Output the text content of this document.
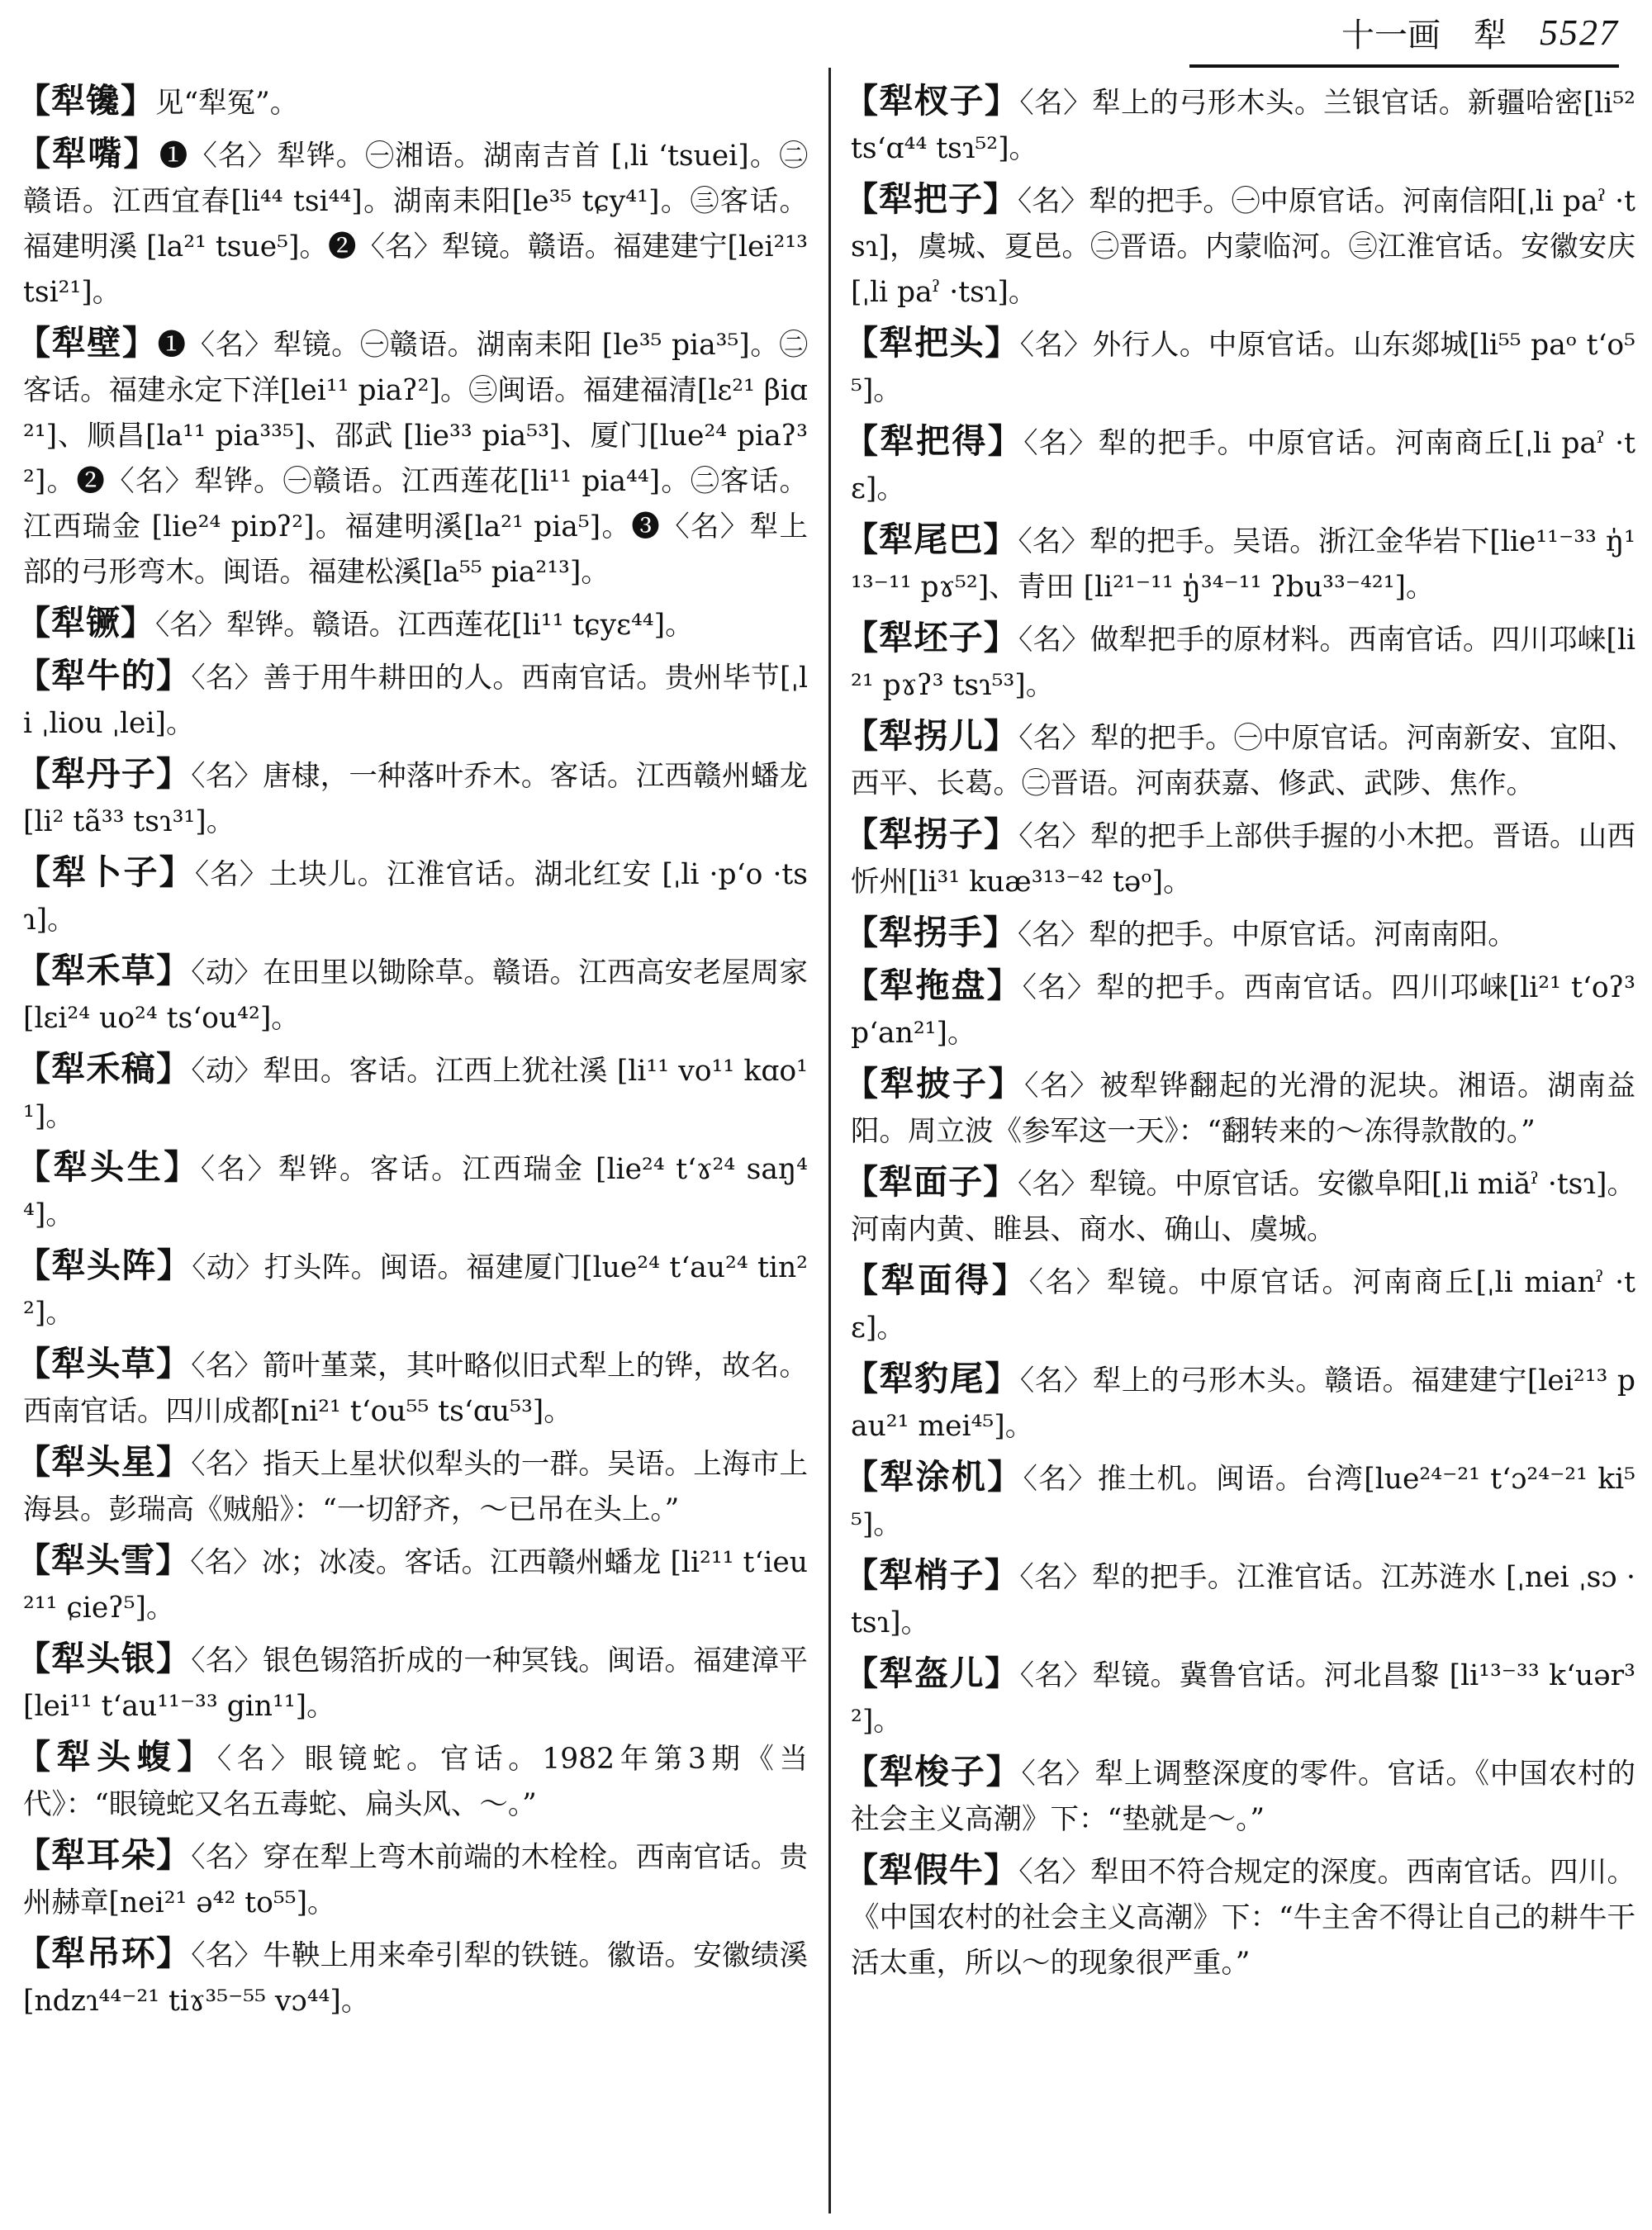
十一画 犁 5527
【犁镵】见“犁冤”。
【犁嘴】❶〈名〉犁铧。㊀湘语。湖南吉首 [ˌli ʻtsuei]。㊁赣语。江西宜春[li⁴⁴ tsi⁴⁴]。湖南耒阳[le³⁵ tɕy⁴¹]。㊂客话。福建明溪 [la²¹ tsue⁵]。❷〈名〉犁镜。赣语。福建建宁[lei²¹³ tsi²¹]。
【犁壁】❶〈名〉犁镜。㊀赣语。湖南耒阳 [le³⁵ pia³⁵]。㊁客话。福建永定下洋[lei¹¹ piaʔ²]。㊂闽语。福建福清[lɛ²¹ βiɑ²¹]、顺昌[la¹¹ pia³³⁵]、邵武 [lie³³ pia⁵³]、厦门[lue²⁴ piaʔ³²]。❷〈名〉犁铧。㊀赣语。江西莲花[li¹¹ pia⁴⁴]。㊁客话。江西瑞金 [lie²⁴ piɒʔ²]。福建明溪[la²¹ pia⁵]。❸〈名〉犁上部的弓形弯木。闽语。福建松溪[la⁵⁵ pia²¹³]。
【犁镢】〈名〉犁铧。赣语。江西莲花[li¹¹ tɕyɛ⁴⁴]。
【犁牛的】〈名〉善于用牛耕田的人。西南官话。贵州毕节[ˌli ˌliou ˌlei]。
【犁丹子】〈名〉唐棣，一种落叶乔木。客话。江西赣州蟠龙[li² tã³³ tsɿ³¹]。
【犁卜子】〈名〉土块儿。江淮官话。湖北红安 [ˌli ·pʻo ·tsɿ]。
【犁禾草】〈动〉在田里以锄除草。赣语。江西高安老屋周家[lɛi²⁴ uo²⁴ tsʻou⁴²]。
【犁禾稿】〈动〉犁田。客话。江西上犹社溪 [li¹¹ vo¹¹ kɑo¹¹]。
【犁头生】〈名〉犁铧。客话。江西瑞金 [lie²⁴ tʻɤ²⁴ saŋ⁴⁴]。
【犁头阵】〈动〉打头阵。闽语。福建厦门[lue²⁴ tʻau²⁴ tin²²]。
【犁头草】〈名〉箭叶堇菜，其叶略似旧式犁上的铧，故名。西南官话。四川成都[ni²¹ tʻou⁵⁵ tsʻɑu⁵³]。
【犁头星】〈名〉指天上星状似犁头的一群。吴语。上海市上海县。彭瑞高《贼船》：“一切舒齐，～已吊在头上。”
【犁头雪】〈名〉冰；冰凌。客话。江西赣州蟠龙 [li²¹¹ tʻieu²¹¹ ɕieʔ⁵]。
【犁头银】〈名〉银色锡箔折成的一种冥钱。闽语。福建漳平[lei¹¹ tʻau¹¹⁻³³ gin¹¹]。
【犁头蝮】〈名〉眼镜蛇。官话。1982年第3期《当代》：“眼镜蛇又名五毒蛇、扁头风、～。”
【犁耳朵】〈名〉穿在犁上弯木前端的木栓栓。西南官话。贵州赫章[nei²¹ ə⁴² to⁵⁵]。
【犁吊环】〈名〉牛鞅上用来牵引犁的铁链。徽语。安徽绩溪[ndzɿ⁴⁴⁻²¹ tiɤ³⁵⁻⁵⁵ vɔ⁴⁴]。
【犁杈子】〈名〉犁上的弓形木头。兰银官话。新疆哈密[li⁵² tsʻɑ⁴⁴ tsɿ⁵²]。
【犁把子】〈名〉犁的把手。㊀中原官话。河南信阳[ˌli paˀ ·tsɿ]，虞城、夏邑。㊁晋语。内蒙临河。㊂江淮官话。安徽安庆 [ˌli paˀ ·tsɿ]。
【犁把头】〈名〉外行人。中原官话。山东郯城[li⁵⁵ paᵒ tʻo⁵⁵]。
【犁把得】〈名〉犁的把手。中原官话。河南商丘[ˌli paˀ ·tɛ]。
【犁尾巴】〈名〉犁的把手。吴语。浙江金华岩下[lie¹¹⁻³³ ŋ̍¹¹³⁻¹¹ pɤ⁵²]、青田 [li²¹⁻¹¹ ŋ̍³⁴⁻¹¹ ʔbu³³⁻⁴²¹]。
【犁坯子】〈名〉做犁把手的原材料。西南官话。四川邛崃[li²¹ pɤʔ³ tsɿ⁵³]。
【犁拐儿】〈名〉犁的把手。㊀中原官话。河南新安、宜阳、西平、长葛。㊁晋语。河南获嘉、修武、武陟、焦作。
【犁拐子】〈名〉犁的把手上部供手握的小木把。晋语。山西忻州[li³¹ kuæ³¹³⁻⁴² təᵒ]。
【犁拐手】〈名〉犁的把手。中原官话。河南南阳。
【犁拖盘】〈名〉犁的把手。西南官话。四川邛崃[li²¹ tʻoʔ³ pʻan²¹]。
【犁披子】〈名〉被犁铧翻起的光滑的泥块。湘语。湖南益阳。周立波《参军这一天》：“翻转来的～冻得款散的。”
【犁面子】〈名〉犁镜。中原官话。安徽阜阳[ˌli miăˀ ·tsɿ]。河南内黄、睢县、商水、确山、虞城。
【犁面得】〈名〉犁镜。中原官话。河南商丘[ˌli mianˀ ·tɛ]。
【犁豹尾】〈名〉犁上的弓形木头。赣语。福建建宁[lei²¹³ pau²¹ mei⁴⁵]。
【犁涂机】〈名〉推土机。闽语。台湾[lue²⁴⁻²¹ tʻɔ²⁴⁻²¹ ki⁵⁵]。
【犁梢子】〈名〉犁的把手。江淮官话。江苏涟水 [ˌnei ˌsɔ ·tsɿ]。
【犁盔儿】〈名〉犁镜。冀鲁官话。河北昌黎 [li¹³⁻³³ kʻuər³²]。
【犁梭子】〈名〉犁上调整深度的零件。官话。《中国农村的社会主义高潮》下：“垫就是～。”
【犁假牛】〈名〉犁田不符合规定的深度。西南官话。四川。《中国农村的社会主义高潮》下：“牛主舍不得让自己的耕牛干活太重，所以～的现象很严重。”
